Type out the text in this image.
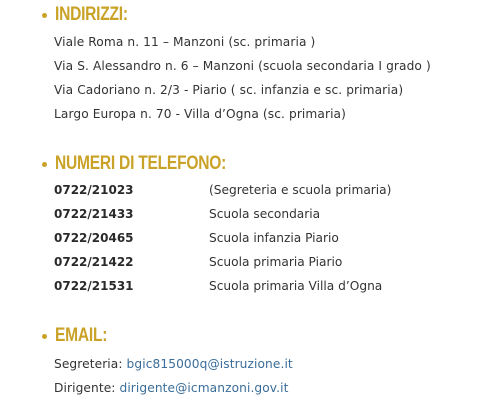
INDIRIZZI:
Viale Roma n. 11 – Manzoni (sc. primaria )
Via S. Alessandro n. 6 – Manzoni (scuola secondaria I grado )
Via Cadoriano n. 2/3 - Piario ( sc. infanzia e sc. primaria)
Largo Europa n. 70 - Villa d’Ogna (sc. primaria)
NUMERI DI TELEFONO:
0722/21023	(Segreteria e scuola primaria)
0722/21433	Scuola secondaria
0722/20465	Scuola infanzia Piario
0722/21422	Scuola primaria Piario
0722/21531	Scuola primaria Villa d’Ogna
EMAIL:
Segreteria: bgic815000q@istruzione.it
Dirigente: dirigente@icmanzoni.gov.it
